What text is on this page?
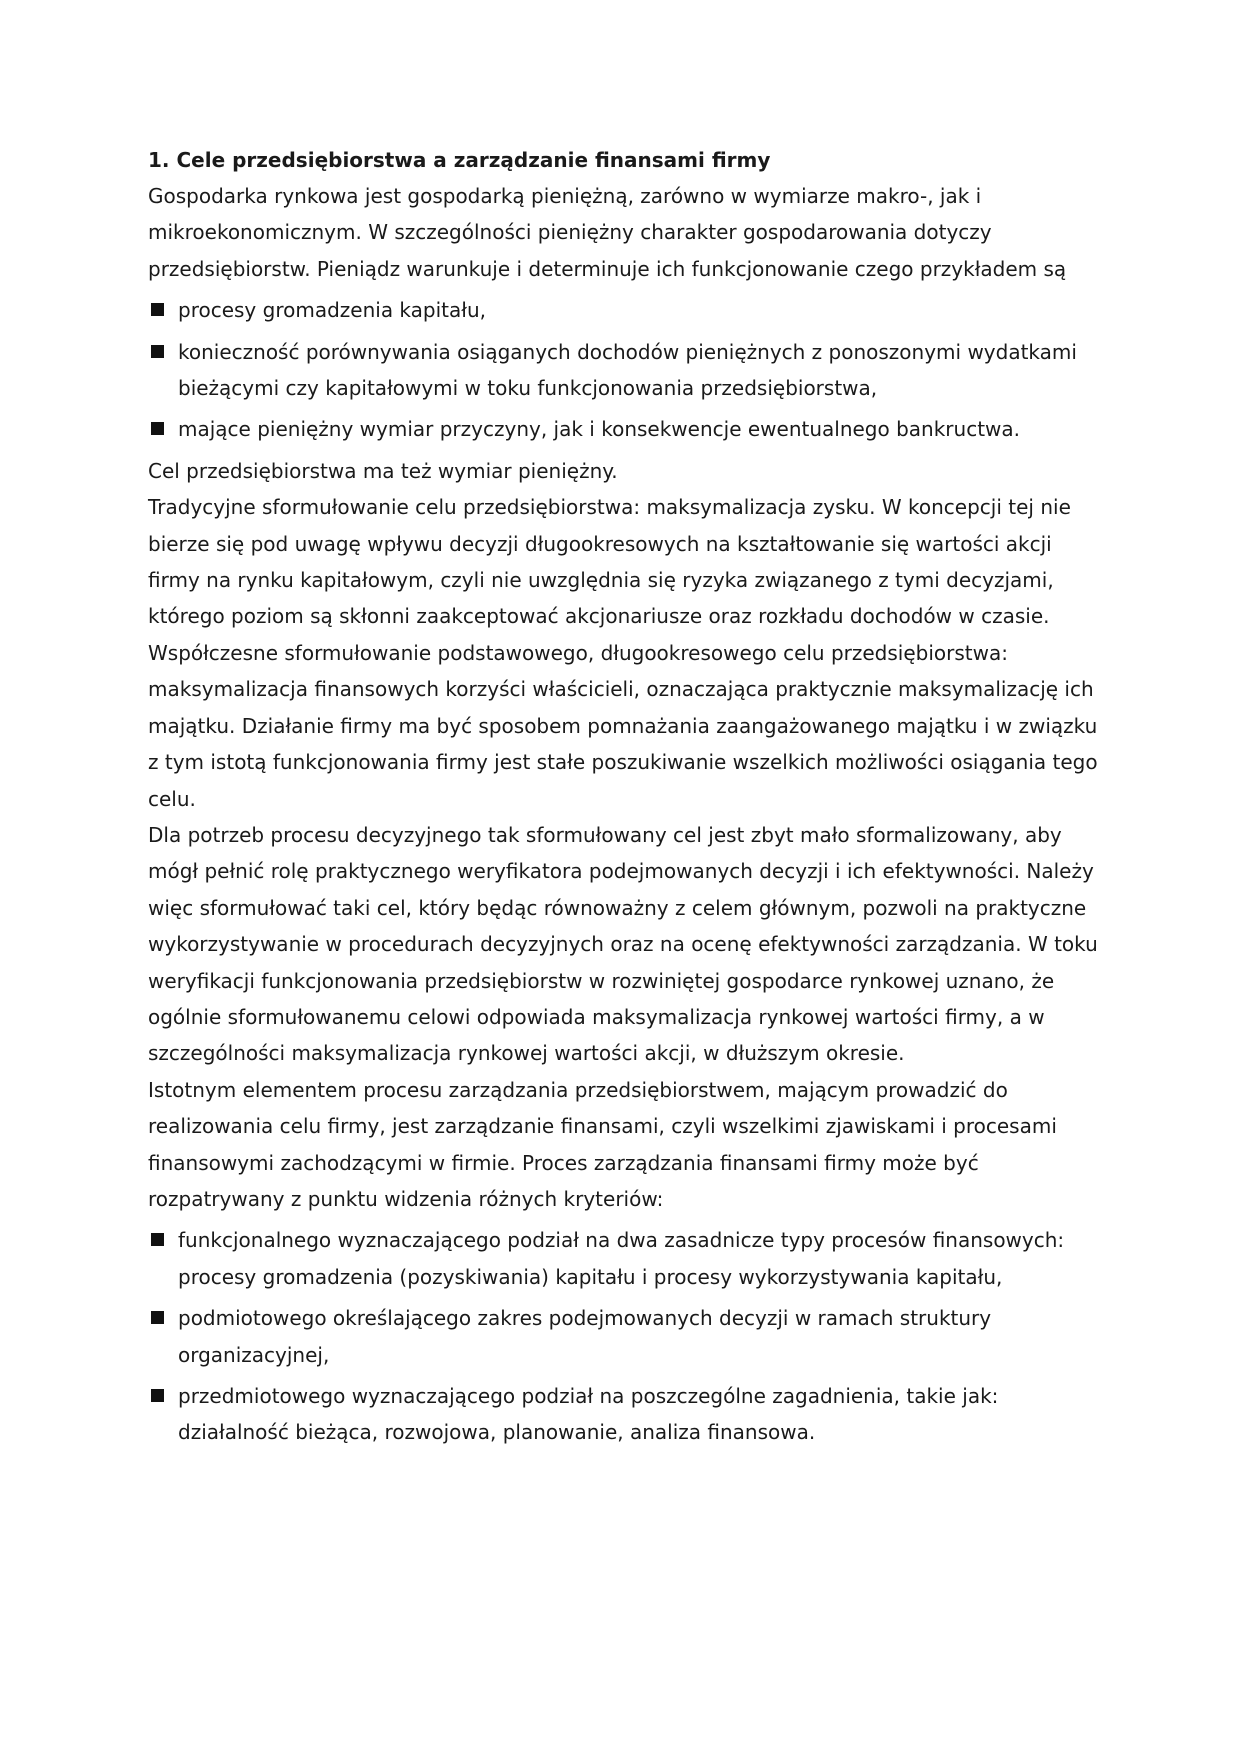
1. Cele przedsiębiorstwa a zarządzanie finansami firmy

Gospodarka rynkowa jest gospodarką pieniężną, zarówno w wymiarze makro-, jak i mikroekonomicznym. W szczególności pieniężny charakter gospodarowania dotyczy przedsiębiorstw. Pieniądz warunkuje i determinuje ich funkcjonowanie czego przykładem są

procesy gromadzenia kapitału,
konieczność porównywania osiąganych dochodów pieniężnych z ponoszonymi wydatkami bieżącymi czy kapitałowymi w toku funkcjonowania przedsiębiorstwa,
mające pieniężny wymiar przyczyny, jak i konsekwencje ewentualnego bankructwa.

Cel przedsiębiorstwa ma też wymiar pieniężny.

Tradycyjne sformułowanie celu przedsiębiorstwa: maksymalizacja zysku. W koncepcji tej nie bierze się pod uwagę wpływu decyzji długookresowych na kształtowanie się wartości akcji firmy na rynku kapitałowym, czyli nie uwzględnia się ryzyka związanego z tymi decyzjami, którego poziom są skłonni zaakceptować akcjonariusze oraz rozkładu dochodów w czasie.

Współczesne sformułowanie podstawowego, długookresowego celu przedsiębiorstwa: maksymalizacja finansowych korzyści właścicieli, oznaczająca praktycznie maksymalizację ich majątku. Działanie firmy ma być sposobem pomnażania zaangażowanego majątku i w związku z tym istotą funkcjonowania firmy jest stałe poszukiwanie wszelkich możliwości osiągania tego celu.

Dla potrzeb procesu decyzyjnego tak sformułowany cel jest zbyt mało sformalizowany, aby mógł pełnić rolę praktycznego weryfikatora podejmowanych decyzji i ich efektywności. Należy więc sformułować taki cel, który będąc równoważny z celem głównym, pozwoli na praktyczne wykorzystywanie w procedurach decyzyjnych oraz na ocenę efektywności zarządzania. W toku weryfikacji funkcjonowania przedsiębiorstw w rozwiniętej gospodarce rynkowej uznano, że ogólnie sformułowanemu celowi odpowiada maksymalizacja rynkowej wartości firmy, a w szczególności maksymalizacja rynkowej wartości akcji, w dłuższym okresie.

Istotnym elementem procesu zarządzania przedsiębiorstwem, mającym prowadzić do realizowania celu firmy, jest zarządzanie finansami, czyli wszelkimi zjawiskami i procesami finansowymi zachodzącymi w firmie. Proces zarządzania finansami firmy może być rozpatrywany z punktu widzenia różnych kryteriów:

funkcjonalnego wyznaczającego podział na dwa zasadnicze typy procesów finansowych: procesy gromadzenia (pozyskiwania) kapitału i procesy wykorzystywania kapitału,
podmiotowego określającego zakres podejmowanych decyzji w ramach struktury organizacyjnej,
przedmiotowego wyznaczającego podział na poszczególne zagadnienia, takie jak: działalność bieżąca, rozwojowa, planowanie, analiza finansowa.
